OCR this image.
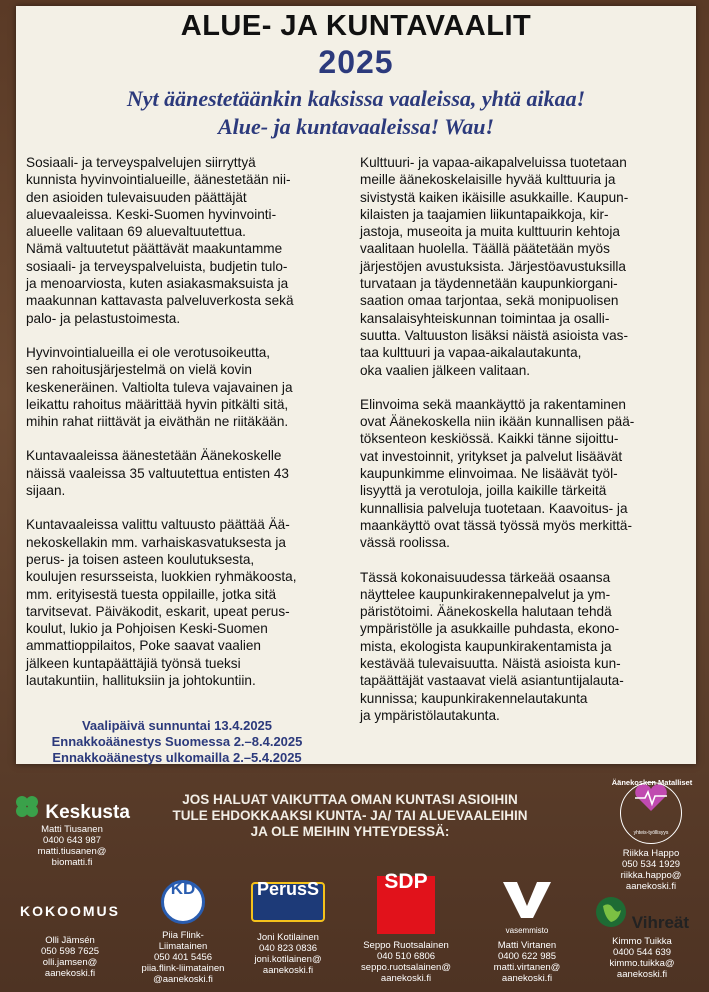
ALUE- JA KUNTAVAALIT
2025
Nyt äänestetäänkin kaksissa vaaleissa, yhtä aikaa!
Alue- ja kuntavaaleissa! Wau!

Sosiaali- ja terveyspalvelujen siirryttyä
kunnista hyvinvointialueille, äänestetään nii-
den asioiden tulevaisuuden päättäjät
aluevaaleissa. Keski-Suomen hyvinvointi-
alueelle valitaan 69 aluevaltuutettua.
Nämä valtuutetut päättävät maakuntamme
sosiaali- ja terveyspalveluista, budjetin tulo-
ja menoarviosta, kuten asiakasmaksuista ja
maakunnan kattavasta palveluverkosta sekä
palo- ja pelastustoimesta.

Hyvinvointialueilla ei ole verotusoikeutta,
sen rahoitusjärjestelmä on vielä kovin
keskeneräinen. Valtiolta tuleva vajavainen ja
leikattu rahoitus määrittää hyvin pitkälti sitä,
mihin rahat riittävät ja eiväthän ne riitäkään.

Kuntavaaleissa äänestetään Äänekoskelle
näissä vaaleissa 35 valtuutettua entisten 43
sijaan.

Kuntavaaleissa valittu valtuusto päättää Ää-
nekoskellakin mm. varhaiskasvatuksesta ja
perus- ja toisen asteen koulutuksesta,
koulujen resursseista, luokkien ryhmäkoosta,
mm. erityisestä tuesta oppilaille, jotka sitä
tarvitsevat. Päiväkodit, eskarit, upeat perus-
koulut, lukio ja Pohjoisen Keski-Suomen
ammattioppilaitos, Poke saavat vaalien
jälkeen kuntapäättäjiä työnsä tueksi
lautakuntiin, hallituksiin ja johtokuntiin.

Kulttuuri- ja vapaa-aikapalveluissa tuotetaan
meille äänekoskelaisille hyvää kulttuuria ja
sivistystä kaiken ikäisille asukkaille. Kaupun-
kilaisten ja taajamien liikuntapaikkoja, kir-
jastoja, museoita ja muita kulttuurin kehtoja
vaalitaan huolella. Täällä päätetään myös
järjestöjen avustuksista. Järjestöavustuksilla
turvataan ja täydennetään kaupunkiorgani-
saation omaa tarjontaa, sekä monipuolisen
kansalaisyhteiskunnan toimintaa ja osalli-
suutta. Valtuuston lisäksi näistä asioista vas-
taa kulttuuri ja vapaa-aikalautakunta,
oka vaalien jälkeen valitaan.

Elinvoima sekä maankäyttö ja rakentaminen
ovat Äänekoskella niin ikään kunnallisen pää-
töksenteon keskiössä. Kaikki tänne sijoittu-
vat investoinnit, yritykset ja palvelut lisäävät
kaupunkimme elinvoimaa. Ne lisäävät työl-
lisyyttä ja verotuloja, joilla kaikille tärkeitä
kunnallisia palveluja tuotetaan. Kaavoitus- ja
maankäyttö ovat tässä työssä myös merkittä-
vässä roolissa.

Tässä kokonaisuudessa tärkeää osaansa
näyttelee kaupunkirakennepalvelut ja ym-
päristötoimi. Äänekoskella halutaan tehdä
ympäristölle ja asukkaille puhdasta, ekono-
mista, ekologista kaupunkirakentamista ja
kestävää tulevaisuutta. Näistä asioista kun-
tapäättäjät vastaavat vielä asiantuntijalauta-
kunnissa; kaupunkirakennelautakunta
ja ympäristölautakunta.

Vaalipäivä sunnuntai 13.4.2025
Ennakkoäänestys Suomessa 2.–8.4.2025
Ennakkoäänestys ulkomailla 2.–5.4.2025
JOS HALUAT VAIKUTTAA OMAN KUNTASI ASIOIHIN
TULE EHDOKKAAKSI KUNTA- JA/ TAI ALUEVAALEIHIN
JA OLE MEIHIN YHTEYDESSÄ:
Keskusta
Matti Tiusanen
0400 643 987
matti.tiusanen@
biomatti.fi
Äänekosken Matalliset
yhteis-työllisyys
Riikka Happo
050 534 1929
riikka.happo@
aanekoski.fi
KOKOOMUS
Olli Jämsén
050 598 7625
olli.jamsen@
aanekoski.fi
KD
Piia Flink-
Liimatainen
050 401 5456
piia.flink-liimatainen
@aanekoski.fi
PerusS
Joni Kotilainen
040 823 0836
joni.kotilainen@
aanekoski.fi
SDP
Seppo Ruotsalainen
040 510 6806
seppo.ruotsalainen@
aanekoski.fi
vasemmisto
Matti Virtanen
0400 622 985
matti.virtanen@
aanekoski.fi
Vihreät
Kimmo Tuikka
0400 544 639
kimmo.tuikka@
aanekoski.fi
